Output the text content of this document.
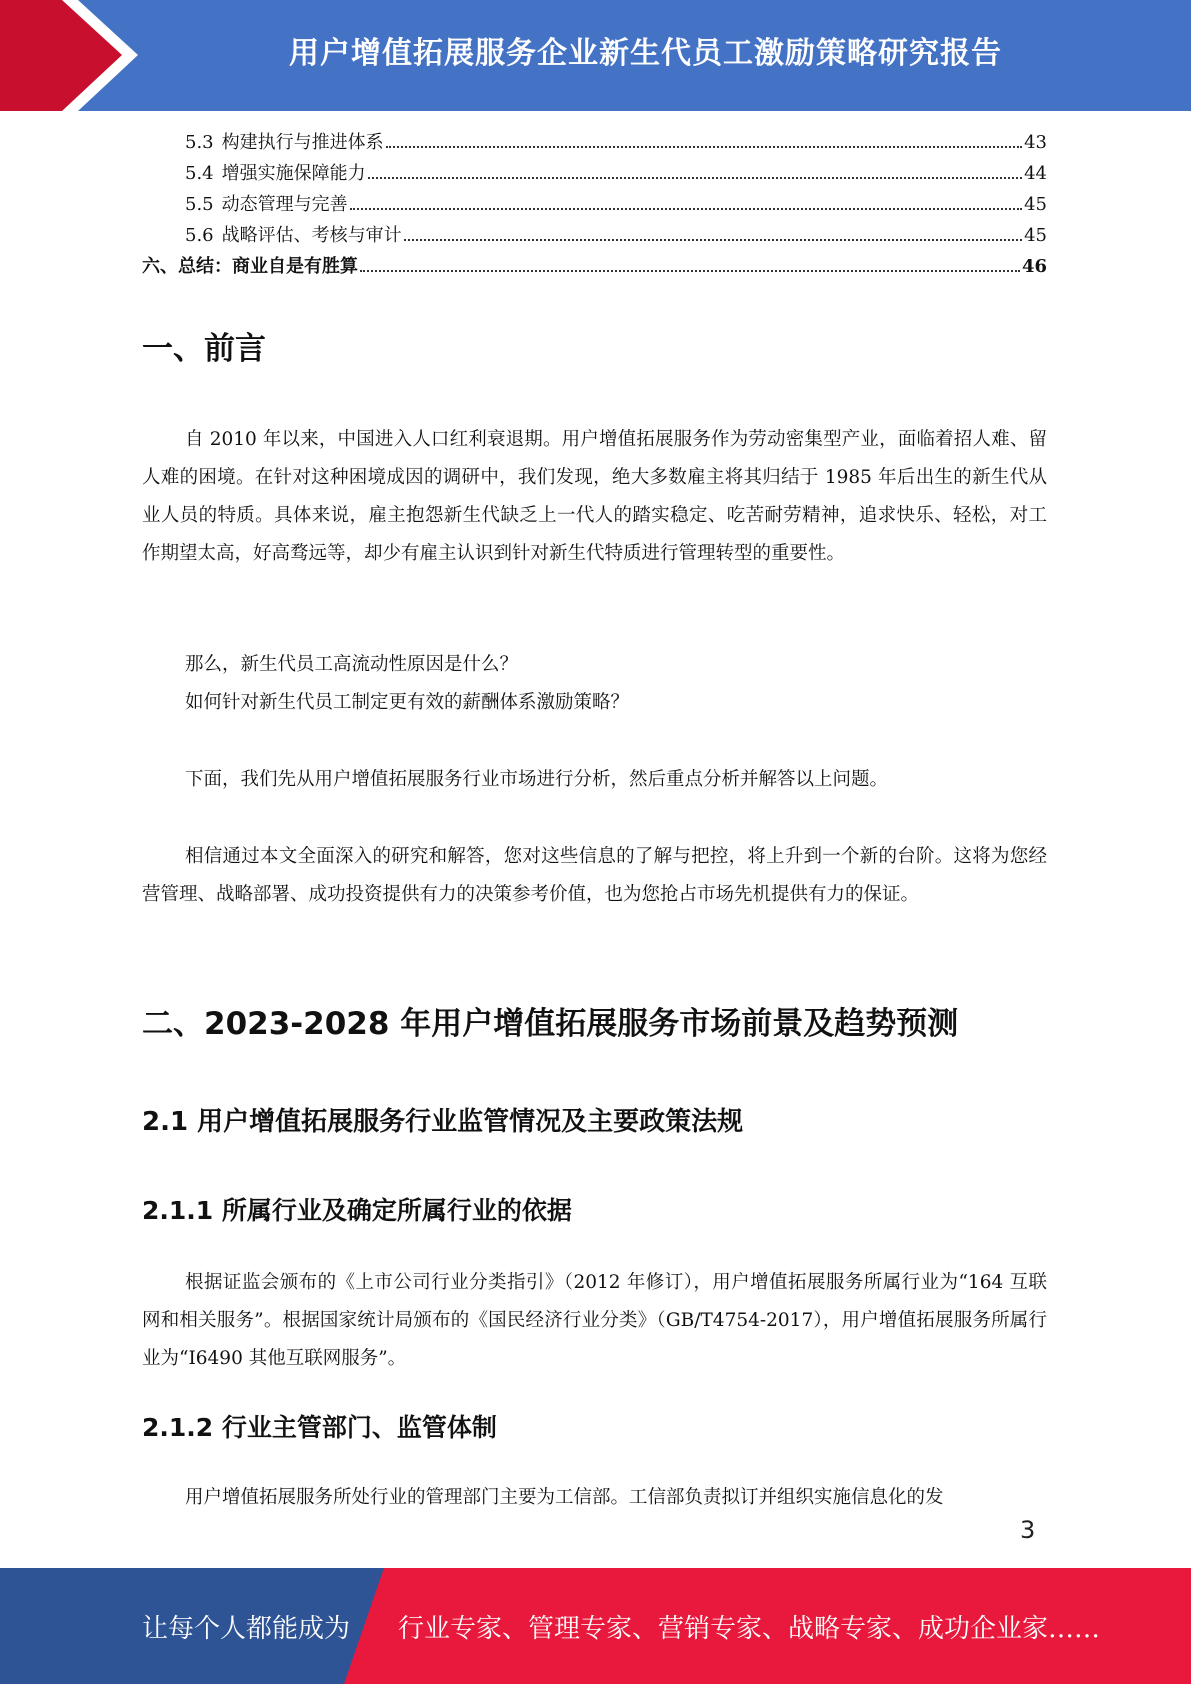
用户增值拓展服务企业新生代员工激励策略研究报告
5.3 构建执行与推进体系	43
5.4 增强实施保障能力	44
5.5 动态管理与完善	45
5.6 战略评估、考核与审计	45
六、总结：商业自是有胜算	46
一、前言

自 2010 年以来，中国进入人口红利衰退期。用户增值拓展服务作为劳动密集型产业，面临着招人难、留人难的困境。在针对这种困境成因的调研中，我们发现，绝大多数雇主将其归结于 1985 年后出生的新生代从业人员的特质。具体来说，雇主抱怨新生代缺乏上一代人的踏实稳定、吃苦耐劳精神，追求快乐、轻松，对工作期望太高，好高骛远等，却少有雇主认识到针对新生代特质进行管理转型的重要性。

那么，新生代员工高流动性原因是什么？

如何针对新生代员工制定更有效的薪酬体系激励策略？

下面，我们先从用户增值拓展服务行业市场进行分析，然后重点分析并解答以上问题。

相信通过本文全面深入的研究和解答，您对这些信息的了解与把控，将上升到一个新的台阶。这将为您经营管理、战略部署、成功投资提供有力的决策参考价值，也为您抢占市场先机提供有力的保证。

二、2023-2028 年用户增值拓展服务市场前景及趋势预测
2.1 用户增值拓展服务行业监管情况及主要政策法规
2.1.1 所属行业及确定所属行业的依据

根据证监会颁布的《上市公司行业分类指引》（2012 年修订），用户增值拓展服务所属行业为“164 互联网和相关服务”。根据国家统计局颁布的《国民经济行业分类》（GB/T4754-2017），用户增值拓展服务所属行业为“I6490 其他互联网服务”。

2.1.2 行业主管部门、监管体制

用户增值拓展服务所处行业的管理部门主要为工信部。工信部负责拟订并组织实施信息化的发

3
让每个人都能成为 行业专家、管理专家、营销专家、战略专家、成功企业家……
